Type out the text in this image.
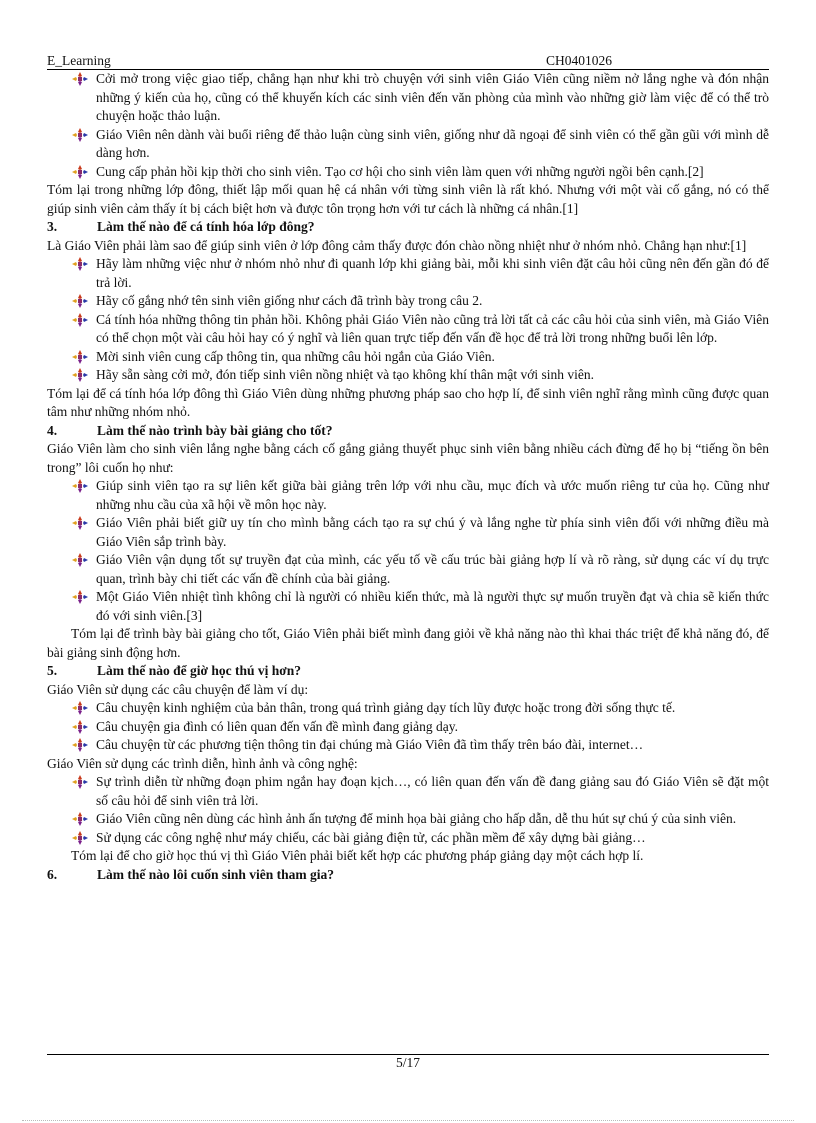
E_Learning	CH0401026
Cởi mở trong việc giao tiếp, chẳng hạn như khi trò chuyện với sinh viên Giáo Viên cũng niềm nở lắng nghe và đón nhận những ý kiến của họ, cũng có thể khuyến kích các sinh viên đến văn phòng của mình vào những giờ làm việc để có thể trò chuyện hoặc thảo luận.
Giáo Viên nên dành vài buổi riêng để thảo luận cùng sinh viên, giống như dã ngoại để sinh viên có thể gần gũi với mình dễ dàng hơn.
Cung cấp phản hồi kịp thời cho sinh viên. Tạo cơ hội cho sinh viên làm quen với những người ngồi bên cạnh.[2]

Tóm lại trong những lớp đông, thiết lập mối quan hệ cá nhân với từng sinh viên là rất khó. Nhưng với một vài cố gắng, nó có thể giúp sinh viên cảm thấy ít bị cách biệt hơn và được tôn trọng hơn với tư cách là những cá nhân.[1]

3.	Làm thế nào để cá tính hóa lớp đông?

Là Giáo Viên phải làm sao để giúp sinh viên ở lớp đông cảm thấy được đón chào nồng nhiệt như ở nhóm nhỏ. Chẳng hạn như:[1]

Hãy làm những việc như ở nhóm nhỏ như đi quanh lớp khi giảng bài, mỗi khi sinh viên đặt câu hỏi cũng nên đến gần đó để trả lời.
Hãy cố gắng nhớ tên sinh viên giống như cách đã trình bày trong câu 2.
Cá tính hóa những thông tin phản hồi. Không phải Giáo Viên nào cũng trả lời tất cả các câu hỏi của sinh viên, mà Giáo Viên có thể chọn một vài câu hỏi hay có ý nghĩ và liên quan trực tiếp đến vấn đề học để trả lời trong những buổi lên lớp.
Mời sinh viên cung cấp thông tin, qua những câu hỏi ngắn của Giáo Viên.
Hãy sẵn sàng cởi mở, đón tiếp sinh viên nồng nhiệt và tạo không khí thân mật với sinh viên.

Tóm lại để cá tính hóa lớp đông thì Giáo Viên dùng những phương pháp sao cho hợp lí, để sinh viên nghĩ rằng mình cũng được quan tâm như những nhóm nhỏ.

4.	Làm thế nào trình bày bài giảng cho tốt?

Giáo Viên làm cho sinh viên lắng nghe bằng cách cố gắng giảng thuyết phục sinh viên bằng nhiều cách đừng để họ bị “tiếng ồn bên trong” lôi cuốn họ như:

Giúp sinh viên tạo ra sự liên kết giữa bài giảng trên lớp với nhu cầu, mục đích và ước muốn riêng tư của họ. Cũng như những nhu cầu của xã hội về môn học này.
Giáo Viên phải biết giữ uy tín cho mình bằng cách tạo ra sự chú ý và lắng nghe từ phía sinh viên đối với những điều mà Giáo Viên sắp trình bày.
Giáo Viên vận dụng tốt sự truyền đạt của mình, các yếu tố về cấu trúc bài giảng hợp lí và rõ ràng, sử dụng các ví dụ trực quan, trình bày chi tiết các vấn đề chính của bài giảng.
Một Giáo Viên nhiệt tình không chỉ là người có nhiều kiến thức, mà là người thực sự muốn truyền đạt và chia sẽ kiến thức đó với sinh viên.[3]

Tóm lại để trình bày bài giảng cho tốt, Giáo Viên phải biết mình đang giỏi về khả năng nào thì khai thác triệt để khả năng đó, để bài giảng sinh động hơn.

5.	Làm thế nào để giờ học thú vị hơn?

Giáo Viên sử dụng các câu chuyện để làm ví dụ:

Câu chuyện kinh nghiệm của bản thân, trong quá trình giảng dạy tích lũy được hoặc trong đời sống thực tế.
Câu chuyện gia đình có liên quan đến vấn đề mình đang giảng dạy.
Câu chuyện từ các phương tiện thông tin đại chúng mà Giáo Viên đã tìm thấy trên báo đài, internet…

Giáo Viên sử dụng các trình diễn, hình ảnh và công nghệ:

Sự trình diễn từ những đoạn phim ngắn hay đoạn kịch…, có liên quan đến vấn đề đang giảng sau đó Giáo Viên sẽ đặt một số câu hỏi để sinh viên trả lời.
Giáo Viên cũng nên dùng các hình ảnh ấn tượng để minh họa bài giảng cho hấp dẫn, dễ thu hút sự chú ý của sinh viên.
Sử dụng các công nghệ như máy chiếu, các bài giảng điện tử, các phần mềm để xây dựng bài giảng…

Tóm lại để cho giờ học thú vị thì Giáo Viên phải biết kết hợp các phương pháp giảng dạy một cách hợp lí.

6.	Làm thế nào lôi cuốn sinh viên tham gia?
5/17
